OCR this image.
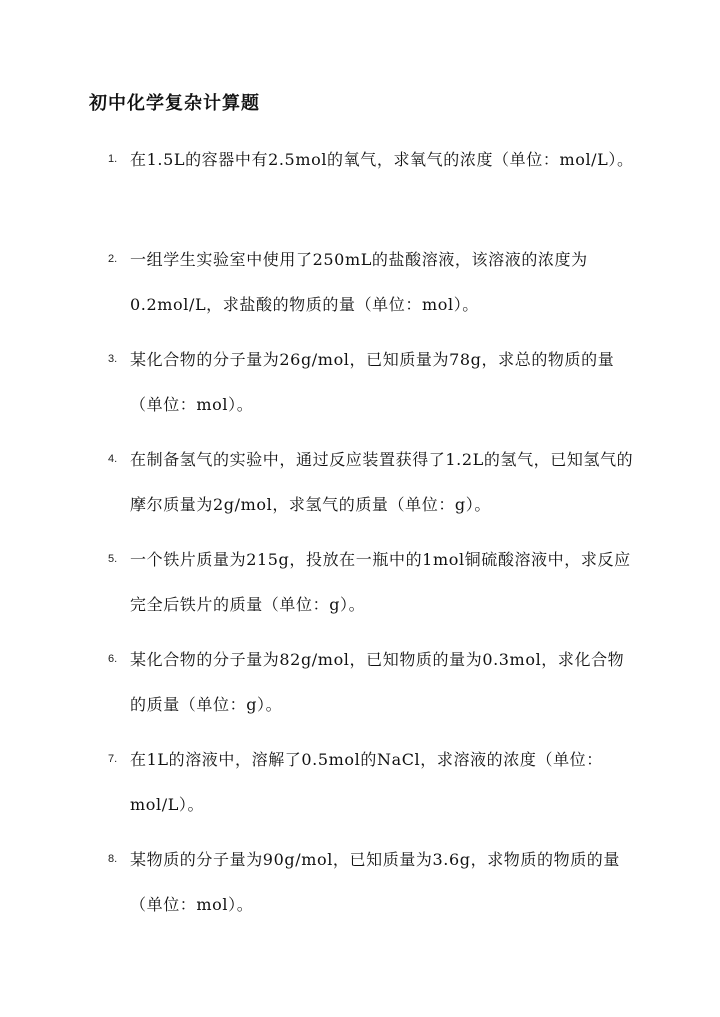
初中化学复杂计算题
1. 在1.5L的容器中有2.5mol的氧气，求氧气的浓度（单位：mol/L）。
2. 一组学生实验室中使用了250mL的盐酸溶液，该溶液的浓度为0.2mol/L，求盐酸的物质的量（单位：mol）。
3. 某化合物的分子量为26g/mol，已知质量为78g，求总的物质的量（单位：mol）。
4. 在制备氢气的实验中，通过反应装置获得了1.2L的氢气，已知氢气的摩尔质量为2g/mol，求氢气的质量（单位：g）。
5. 一个铁片质量为215g，投放在一瓶中的1mol铜硫酸溶液中，求反应完全后铁片的质量（单位：g）。
6. 某化合物的分子量为82g/mol，已知物质的量为0.3mol，求化合物的质量（单位：g）。
7. 在1L的溶液中，溶解了0.5mol的NaCl，求溶液的浓度（单位：mol/L）。
8. 某物质的分子量为90g/mol，已知质量为3.6g，求物质的物质的量（单位：mol）。
